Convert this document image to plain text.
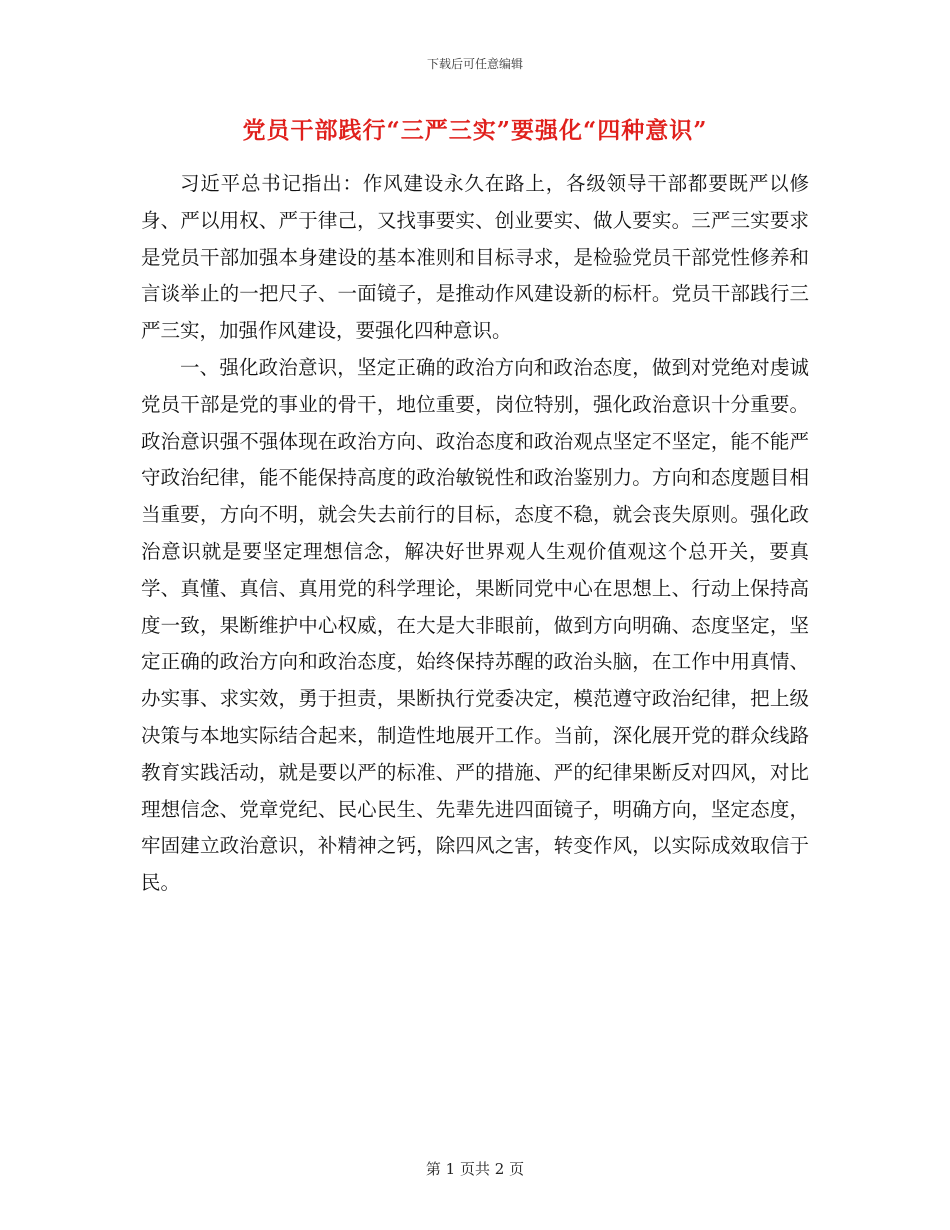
下载后可任意编辑
党员干部践行“三严三实”要强化“四种意识”

习近平总书记指出：作风建设永久在路上，各级领导干部都要既严以修身、严以用权、严于律己，又找事要实、创业要实、做人要实。三严三实要求是党员干部加强本身建设的基本准则和目标寻求，是检验党员干部党性修养和言谈举止的一把尺子、一面镜子，是推动作风建设新的标杆。党员干部践行三严三实，加强作风建设，要强化四种意识。

一、强化政治意识，坚定正确的政治方向和政治态度，做到对党绝对虔诚党员干部是党的事业的骨干，地位重要，岗位特别，强化政治意识十分重要。政治意识强不强体现在政治方向、政治态度和政治观点坚定不坚定，能不能严守政治纪律，能不能保持高度的政治敏锐性和政治鉴别力。方向和态度题目相当重要，方向不明，就会失去前行的目标，态度不稳，就会丧失原则。强化政治意识就是要坚定理想信念，解决好世界观人生观价值观这个总开关，要真学、真懂、真信、真用党的科学理论，果断同党中心在思想上、行动上保持高度一致，果断维护中心权威，在大是大非眼前，做到方向明确、态度坚定，坚定正确的政治方向和政治态度，始终保持苏醒的政治头脑，在工作中用真情、办实事、求实效，勇于担责，果断执行党委决定，模范遵守政治纪律，把上级决策与本地实际结合起来，制造性地展开工作。当前，深化展开党的群众线路教育实践活动，就是要以严的标准、严的措施、严的纪律果断反对四风，对比理想信念、党章党纪、民心民生、先辈先进四面镜子，明确方向，坚定态度，牢固建立政治意识，补精神之钙，除四风之害，转变作风，以实际成效取信于民。

第 1 页共 2 页
